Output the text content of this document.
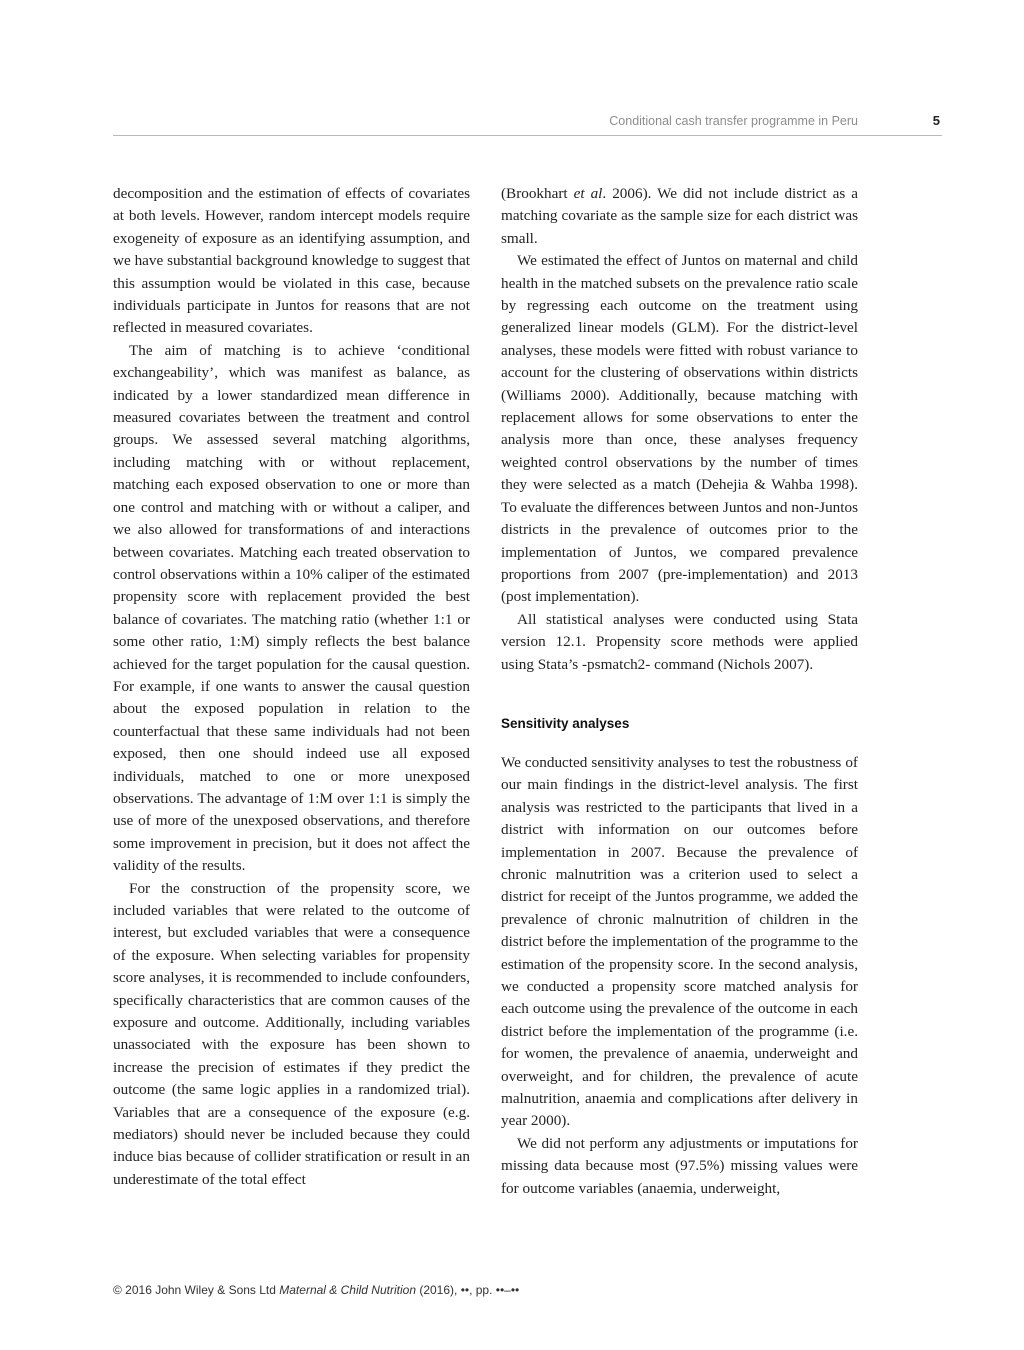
Conditional cash transfer programme in Peru	5

decomposition and the estimation of effects of covariates at both levels. However, random intercept models require exogeneity of exposure as an identifying assumption, and we have substantial background knowledge to suggest that this assumption would be violated in this case, because individuals participate in Juntos for reasons that are not reflected in measured covariates.

The aim of matching is to achieve ‘conditional exchangeability’, which was manifest as balance, as indicated by a lower standardized mean difference in measured covariates between the treatment and control groups. We assessed several matching algorithms, including matching with or without replacement, matching each exposed observation to one or more than one control and matching with or without a caliper, and we also allowed for transformations of and interactions between covariates. Matching each treated observation to control observations within a 10% caliper of the estimated propensity score with replacement provided the best balance of covariates. The matching ratio (whether 1:1 or some other ratio, 1:M) simply reflects the best balance achieved for the target population for the causal question. For example, if one wants to answer the causal question about the exposed population in relation to the counterfactual that these same individuals had not been exposed, then one should indeed use all exposed individuals, matched to one or more unexposed observations. The advantage of 1:M over 1:1 is simply the use of more of the unexposed observations, and therefore some improvement in precision, but it does not affect the validity of the results.

For the construction of the propensity score, we included variables that were related to the outcome of interest, but excluded variables that were a consequence of the exposure. When selecting variables for propensity score analyses, it is recommended to include confounders, specifically characteristics that are common causes of the exposure and outcome. Additionally, including variables unassociated with the exposure has been shown to increase the precision of estimates if they predict the outcome (the same logic applies in a randomized trial). Variables that are a consequence of the exposure (e.g. mediators) should never be included because they could induce bias because of collider stratification or result in an underestimate of the total effect

(Brookhart et al. 2006). We did not include district as a matching covariate as the sample size for each district was small.

We estimated the effect of Juntos on maternal and child health in the matched subsets on the prevalence ratio scale by regressing each outcome on the treatment using generalized linear models (GLM). For the district-level analyses, these models were fitted with robust variance to account for the clustering of observations within districts (Williams 2000). Additionally, because matching with replacement allows for some observations to enter the analysis more than once, these analyses frequency weighted control observations by the number of times they were selected as a match (Dehejia & Wahba 1998). To evaluate the differences between Juntos and non-Juntos districts in the prevalence of outcomes prior to the implementation of Juntos, we compared prevalence proportions from 2007 (pre-implementation) and 2013 (post implementation).

All statistical analyses were conducted using Stata version 12.1. Propensity score methods were applied using Stata’s -psmatch2- command (Nichols 2007).

Sensitivity analyses

We conducted sensitivity analyses to test the robustness of our main findings in the district-level analysis. The first analysis was restricted to the participants that lived in a district with information on our outcomes before implementation in 2007. Because the prevalence of chronic malnutrition was a criterion used to select a district for receipt of the Juntos programme, we added the prevalence of chronic malnutrition of children in the district before the implementation of the programme to the estimation of the propensity score. In the second analysis, we conducted a propensity score matched analysis for each outcome using the prevalence of the outcome in each district before the implementation of the programme (i.e. for women, the prevalence of anaemia, underweight and overweight, and for children, the prevalence of acute malnutrition, anaemia and complications after delivery in year 2000).

We did not perform any adjustments or imputations for missing data because most (97.5%) missing values were for outcome variables (anaemia, underweight,

© 2016 John Wiley & Sons Ltd Maternal & Child Nutrition (2016), ••, pp. ••–••
